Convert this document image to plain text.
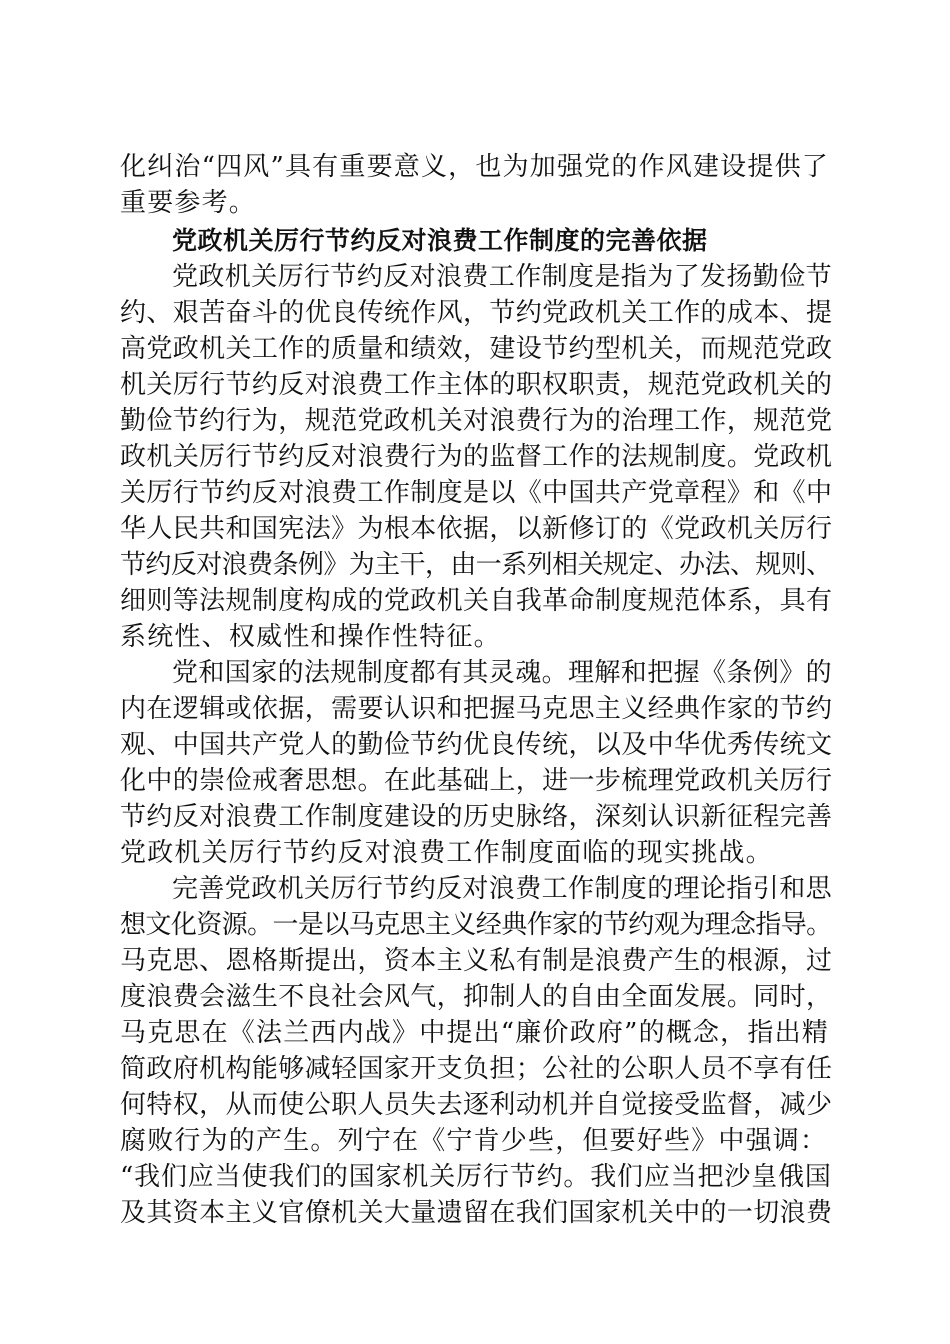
化纠治“四风”具有重要意义，也为加强党的作风建设提供了
重要参考。
党政机关厉行节约反对浪费工作制度的完善依据
党政机关厉行节约反对浪费工作制度是指为了发扬勤俭节
约、艰苦奋斗的优良传统作风，节约党政机关工作的成本、提
高党政机关工作的质量和绩效，建设节约型机关，而规范党政
机关厉行节约反对浪费工作主体的职权职责，规范党政机关的
勤俭节约行为，规范党政机关对浪费行为的治理工作，规范党
政机关厉行节约反对浪费行为的监督工作的法规制度。党政机
关厉行节约反对浪费工作制度是以《中国共产党章程》和《中
华人民共和国宪法》为根本依据，以新修订的《党政机关厉行
节约反对浪费条例》为主干，由一系列相关规定、办法、规则、
细则等法规制度构成的党政机关自我革命制度规范体系，具有
系统性、权威性和操作性特征。
党和国家的法规制度都有其灵魂。理解和把握《条例》的
内在逻辑或依据，需要认识和把握马克思主义经典作家的节约
观、中国共产党人的勤俭节约优良传统，以及中华优秀传统文
化中的崇俭戒奢思想。在此基础上，进一步梳理党政机关厉行
节约反对浪费工作制度建设的历史脉络，深刻认识新征程完善
党政机关厉行节约反对浪费工作制度面临的现实挑战。
完善党政机关厉行节约反对浪费工作制度的理论指引和思
想文化资源。一是以马克思主义经典作家的节约观为理念指导。
马克思、恩格斯提出，资本主义私有制是浪费产生的根源，过
度浪费会滋生不良社会风气，抑制人的自由全面发展。同时，
马克思在《法兰西内战》中提出“廉价政府”的概念，指出精
简政府机构能够减轻国家开支负担；公社的公职人员不享有任
何特权，从而使公职人员失去逐利动机并自觉接受监督，减少
腐败行为的产生。列宁在《宁肯少些，但要好些》中强调：
“我们应当使我们的国家机关厉行节约。我们应当把沙皇俄国
及其资本主义官僚机关大量遗留在我们国家机关中的一切浪费
